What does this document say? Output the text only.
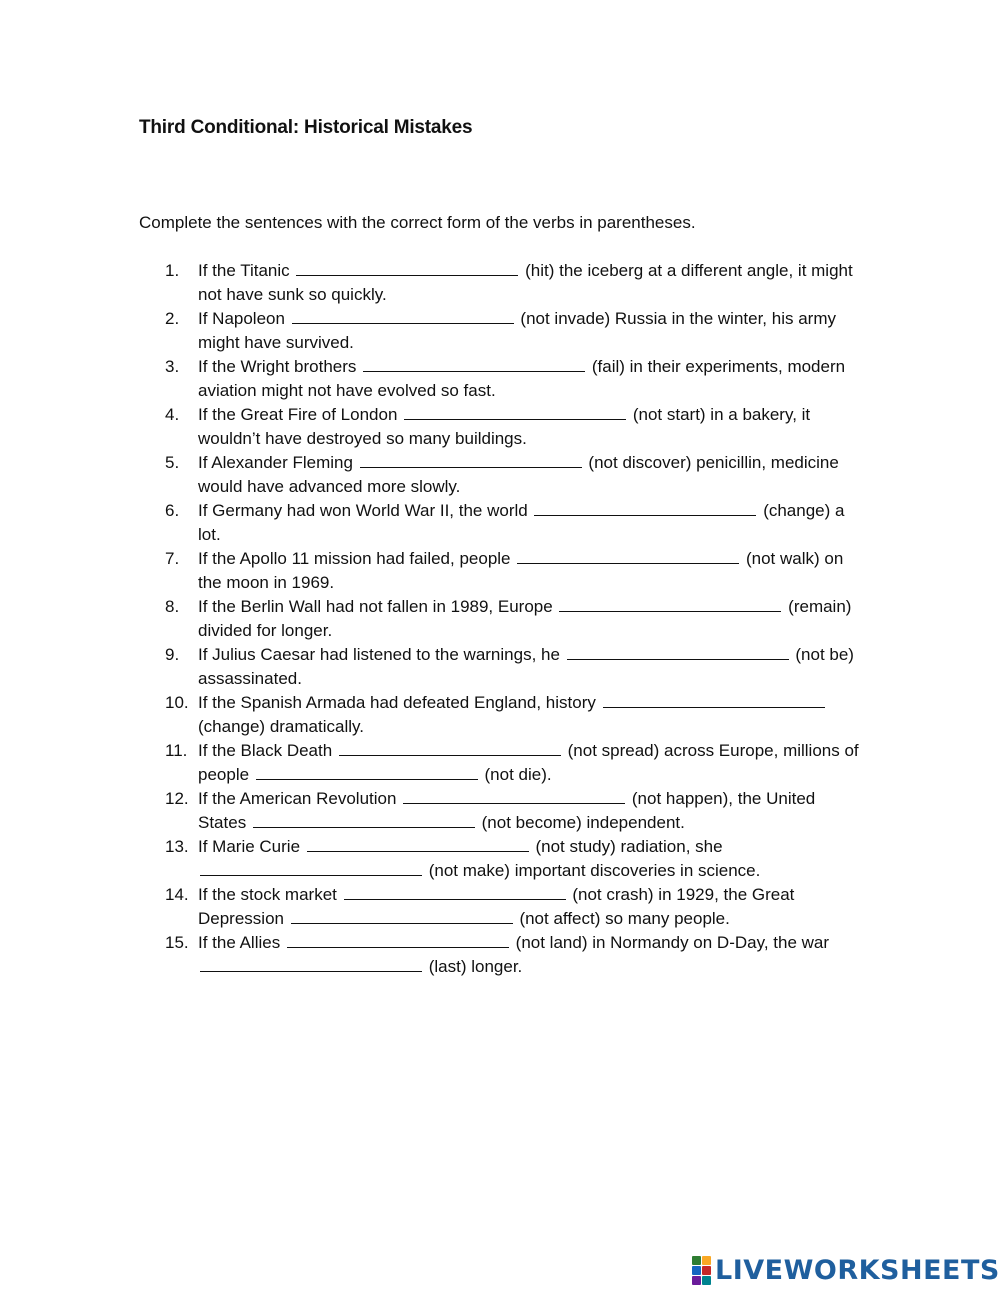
Third Conditional: Historical Mistakes
Complete the sentences with the correct form of the verbs in parentheses.
1.	If the Titanic	(hit) the iceberg at a different angle, it might not have sunk so quickly.
2.	If Napoleon	(not invade) Russia in the winter, his army might have survived.
3.	If the Wright brothers	(fail) in their experiments, modern aviation might not have evolved so fast.
4.	If the Great Fire of London	(not start) in a bakery, it wouldn’t have destroyed so many buildings.
5.	If Alexander Fleming	(not discover) penicillin, medicine would have advanced more slowly.
6.	If Germany had won World War II, the world	(change) a lot.
7.	If the Apollo 11 mission had failed, people	(not walk) on the moon in 1969.
8.	If the Berlin Wall had not fallen in 1989, Europe	(remain) divided for longer.
9.	If Julius Caesar had listened to the warnings, he	(not be) assassinated.
10. If the Spanish Armada had defeated England, history  (change) dramatically.
11. If the Black Death	(not spread) across Europe, millions of people	(not die).
12. If the American Revolution	(not happen), the United States	(not become) independent.
13. If Marie Curie	(not study) radiation, she  (not make) important discoveries in science.
14. If the stock market	(not crash) in 1929, the Great Depression	(not affect) so many people.
15. If the Allies	(not land) in Normandy on D-Day, the war  (last) longer.
LIVEWORKSHEETS
